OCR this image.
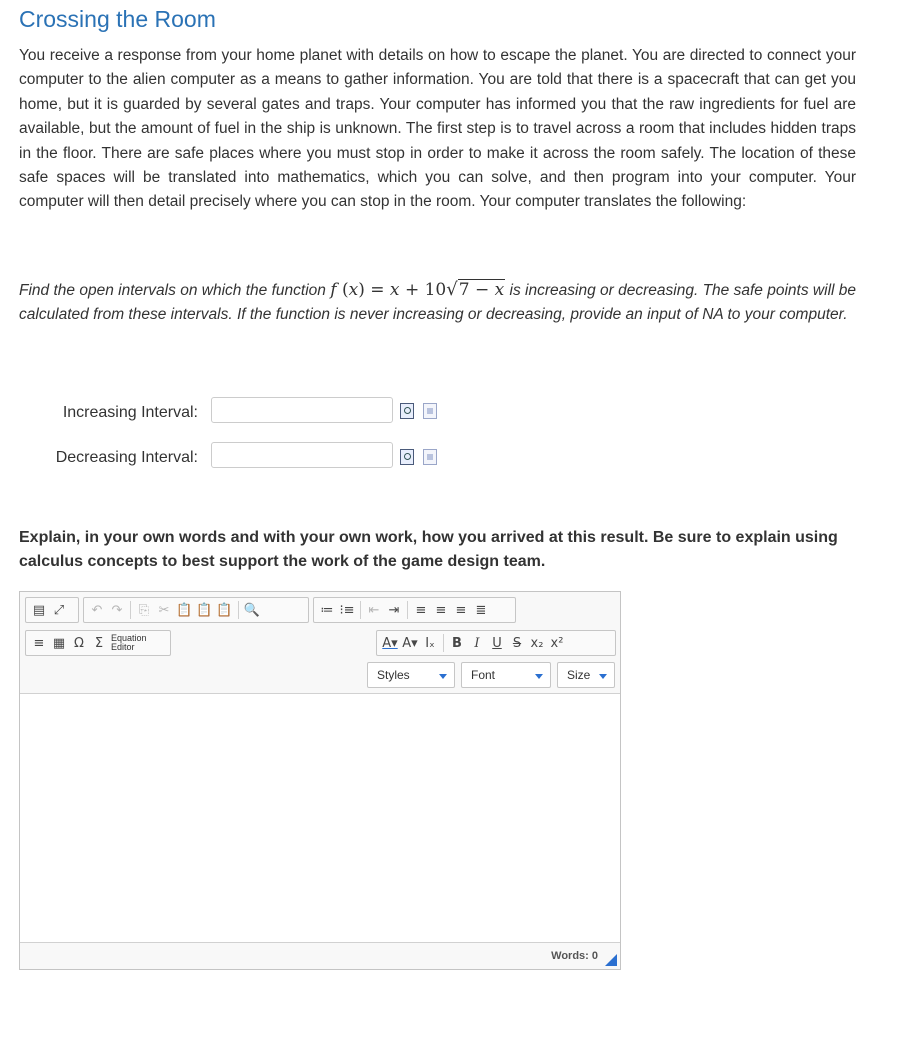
Crossing the Room

You receive a response from your home planet with details on how to escape the planet. You are directed to connect your computer to the alien computer as a means to gather information. You are told that there is a spacecraft that can get you home, but it is guarded by several gates and traps. Your computer has informed you that the raw ingredients for fuel are available, but the amount of fuel in the ship is unknown. The first step is to travel across a room that includes hidden traps in the floor. There are safe places where you must stop in order to make it across the room safely. The location of these safe spaces will be translated into mathematics, which you can solve, and then program into your computer. Your computer will then detail precisely where you can stop in the room. Your computer translates the following:

Find the open intervals on which the function f (x) = x + 10√7 − x is increasing or decreasing. The safe points will be calculated from these intervals. If the function is never increasing or decreasing, provide an input of NA to your computer.

Increasing Interval:
Decreasing Interval:

Explain, in your own words and with your own work, how you arrived at this result. Be sure to explain using calculus concepts to best support the work of the game design team.

▤ ⤢	↶ ↷	⎘ ✂ 📋 📋 📋 🔍	≔ ⁝≡	⇤ ⇥	≡ ≡ ≡ ≣
≡ ▦ Ω Σ Equation
Editor	A▾ A▾ Iₓ	B I U S x₂ x²
Styles	Font	Size
Words: 0
